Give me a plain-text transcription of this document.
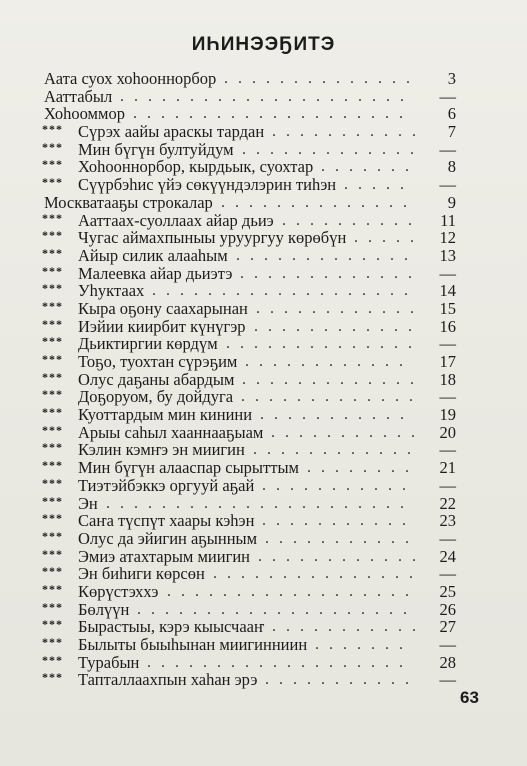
ИҺИНЭЭҔИТЭ
Аата суох хоһооннорбор ..............	3
Ааттабыл .....................	—
Хоһооммор ....................	6
*** Сүрэх аайы араскы тардан ...........	7
*** Мин бүгүн бултуйдум ............. —
*** Хоһооннорбор, кырдьык, суохтар .......	8
*** Сүүрбэһис үйэ сөкүүндэлэрин тиһэн .....	—
Москватааҕы строкалар ..............	9
*** Ааттаах-суоллаах айар дьиэ ..........	11
*** Чугас аймахпыныы уруургуу көрөбүн ..... 12
*** Айыр силик алааһым .............	13
*** Малеевка айар дьиэтэ .............	—
*** Уһуктаах ...................	14
*** Кыра оҕону саахарынан ............ 15
*** Иэйии киирбит күнүгэр ............	16
*** Дьиктиргии көрдүм ..............	—
*** Тоҕо, туохтан сүрэҕим ............	17
*** Олус даҕаны абардым ............. 18
*** Доҕоруом, бу дойдуга .............	—
*** Куоттардым мин кинини ...........	19
*** Арыы саһыл хааннааҕыам ........... 20
*** Кэлин кэмҥэ эн миигин ............	—
*** Мин бүгүн алааспар сырыттым ........	21
*** Тиэтэйбэккэ оргууй аҕай ...........	—
*** Эн ......................	22
*** Саҥа түспүт хаары кэһэн ...........	23
*** Олус да эйигин аҕынным ...........	—
*** Эмиэ атахтарым миигин ............ 24
*** Эн биһиги көрсөн ...............	—
*** Көрүстэххэ ..................	25
*** Бөлүүн ....................	26
*** Бырастыы, кэрэ кыысчааҥ ........... 27
*** Былыты быыһынан миигинниин .......	—
*** Турабын ...................	28
*** Тапталлаахпын хаһан эрэ ...........	—
63
